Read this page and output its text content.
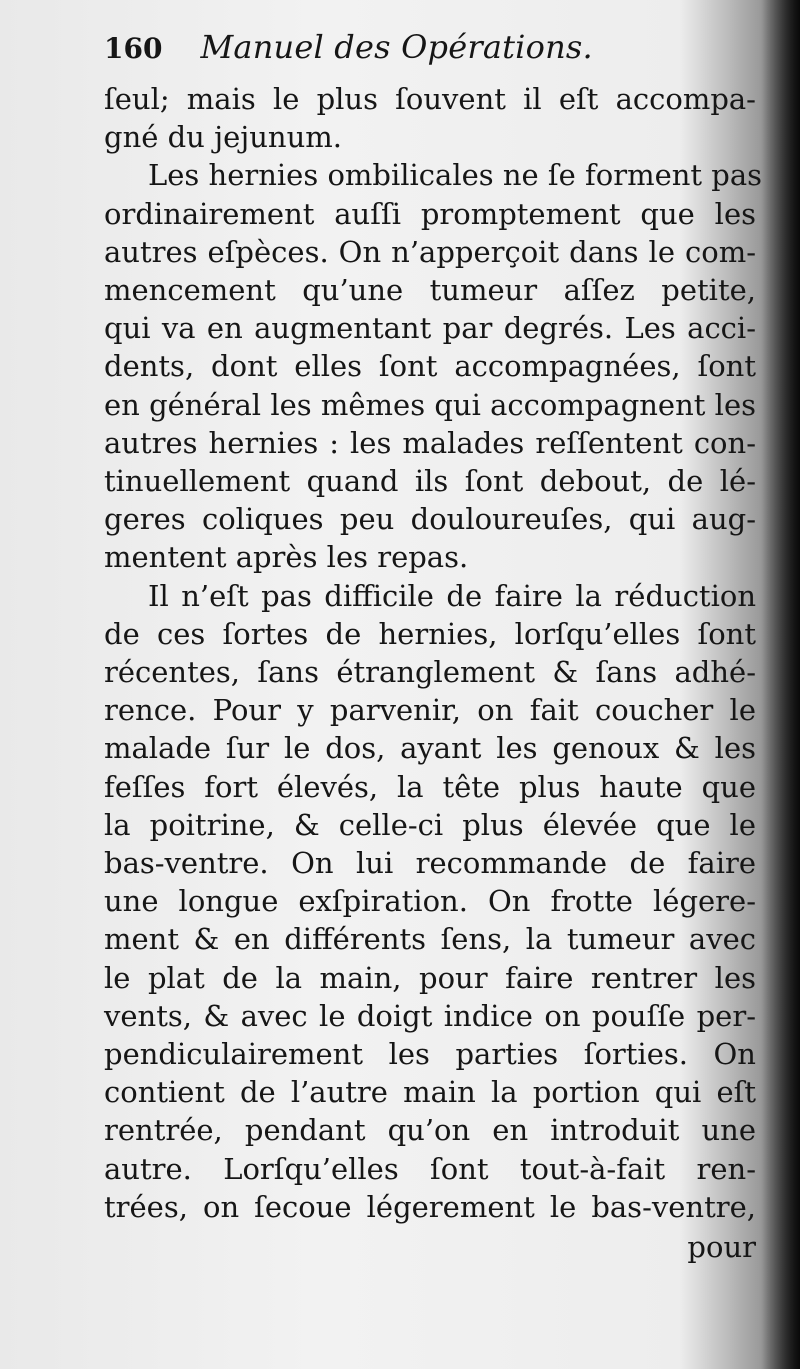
160 Manuel des Opérations.
ſeul; mais le plus ſouvent il eſt accompa-
gné du jejunum.
Les hernies ombilicales ne ſe forment pas
ordinairement auſſi promptement que les
autres eſpèces. On n’apperçoit dans le com-
mencement qu’une tumeur aſſez petite,
qui va en augmentant par degrés. Les acci-
dents, dont elles ſont accompagnées, ſont
en général les mêmes qui accompagnent les
autres hernies : les malades reſſentent con-
tinuellement quand ils ſont debout, de lé-
geres coliques peu douloureuſes, qui aug-
mentent après les repas.
Il n’eſt pas difficile de faire la réduction
de ces ſortes de hernies, lorſqu’elles ſont
récentes, ſans étranglement & ſans adhé-
rence. Pour y parvenir, on fait coucher le
malade ſur le dos, ayant les genoux & les
feſſes fort élevés, la tête plus haute que
la poitrine, & celle-ci plus élevée que le
bas-ventre. On lui recommande de faire
une longue exſpiration. On frotte légere-
ment & en différents ſens, la tumeur avec
le plat de la main, pour faire rentrer les
vents, & avec le doigt indice on pouſſe per-
pendiculairement les parties ſorties. On
contient de l’autre main la portion qui eſt
rentrée, pendant qu’on en introduit une
autre. Lorſqu’elles ſont tout-à-fait ren-
trées, on ſecoue légerement le bas-ventre,
pour
